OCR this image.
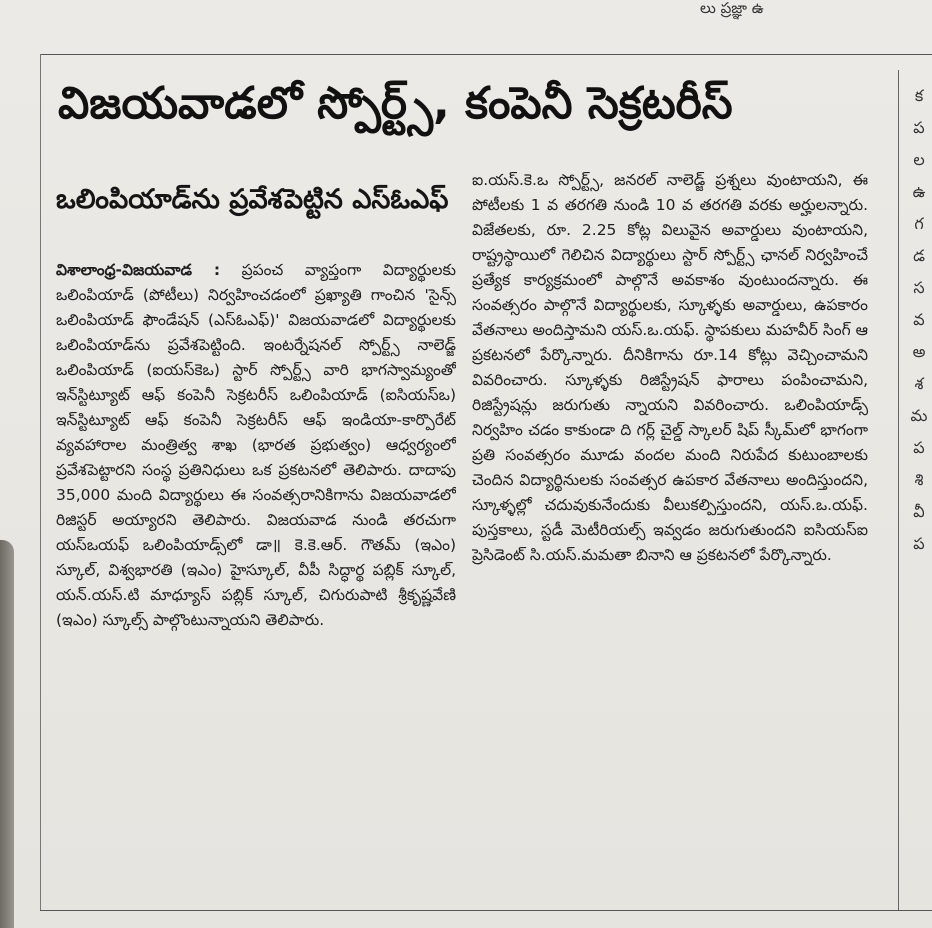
లు ప్రజ్ఞా ఉ
విజయవాడలో స్పోర్ట్స్, కంపెనీ సెక్రటరీస్
ఒలింపియాడ్‌ను ప్రవేశపెట్టిన ఎస్ఓఎఫ్

విశాలాంధ్ర-విజయవాడ : ప్రపంచ వ్యాప్తంగా విద్యార్థులకు ఒలింపియాడ్ (పోటీలు) నిర్వహించడంలో ప్రఖ్యాతి గాంచిన 'సైన్స్ ఒలింపియాడ్ ఫౌండేషన్ (ఎస్ఓఎఫ్)' విజయవాడలో విద్యార్థులకు ఒలింపియాడ్‌ను ప్రవేశపెట్టింది. ఇంటర్నేషనల్ స్పోర్ట్స్ నాలెడ్జ్ ఒలింపియాడ్ (ఐయస్‌కెఒ) స్టార్ స్పోర్ట్స్ వారి భాగస్వామ్యంతో ఇన్‌స్టిట్యూట్ ఆఫ్ కంపెనీ సెక్రటరీస్ ఒలింపియాడ్ (ఐసియస్ఒ) ఇన్‌స్టిట్యూట్ ఆఫ్ కంపెనీ సెక్రటరీస్ ఆఫ్ ఇండియా-కార్పొరేట్ వ్యవహారాల మంత్రిత్వ శాఖ (భారత ప్రభుత్వం) ఆధ్వర్యంలో ప్రవేశపెట్టారని సంస్థ ప్రతినిధులు ఒక ప్రకటనలో తెలిపారు. దాదాపు 35,000 మంది విద్యార్థులు ఈ సంవత్సరానికిగాను విజయవాడలో రిజిస్టర్ అయ్యారని తెలిపారు. విజయవాడ నుండి తరచుగా యస్ఒయఫ్ ఒలింపియాడ్స్‌లో డా॥ కె.కె.ఆర్. గౌతమ్ (ఇఎం) స్కూల్, విశ్వభారతి (ఇఎం) హైస్కూల్, వీపీ సిద్ధార్థ పబ్లిక్ స్కూల్, యన్.యస్.టి మాధ్యూస్ పబ్లిక్ స్కూల్, చిగురుపాటి శ్రీకృష్ణవేణి (ఇఎం) స్కూల్స్ పాల్గొంటున్నాయని తెలిపారు.

ఐ.యస్.కె.ఒ స్పోర్ట్స్, జనరల్ నాలెడ్జ్ ప్రశ్నలు వుంటాయని, ఈ పోటీలకు 1 వ తరగతి నుండి 10 వ తరగతి వరకు అర్హులన్నారు. విజేతలకు, రూ. 2.25 కోట్ల విలువైన అవార్డులు వుంటాయని, రాష్ట్రస్థాయిలో గెలిచిన విద్యార్థులు స్టార్ స్పోర్ట్స్ ఛానల్ నిర్వహించే ప్రత్యేక కార్యక్రమంలో పాల్గొనే అవకాశం వుంటుందన్నారు. ఈ సంవత్సరం పాల్గొనే విద్యార్థులకు, స్కూళ్ళకు అవార్డులు, ఉపకారం వేతనాలు అందిస్తామని యస్.ఒ.యఫ్. స్థాపకులు మహవీర్ సింగ్ ఆ ప్రకటనలో పేర్కొన్నారు. దీనికిగాను రూ.14 కోట్లు వెచ్చించామని వివరించారు. స్కూళ్ళకు రిజిస్ట్రేషన్ ఫారాలు పంపించామని, రిజిస్ట్రేషన్లు జరుగుతు న్నాయని వివరించారు. ఒలింపియాడ్స్ నిర్వహిం చడం కాకుండా ది గర్ల్ చైల్డ్ స్కాలర్ షిప్ స్కీమ్‌లో భాగంగా ప్రతి సంవత్సరం మూడు వందల మంది నిరుపేద కుటుంబాలకు చెందిన విద్యార్థినులకు సంవత్సర ఉపకార వేతనాలు అందిస్తుందని, స్కూళ్ళల్లో చదువుకునేందుకు వీలుకల్పిస్తుందని, యస్.ఒ.యఫ్. పుస్తకాలు, స్టడీ మెటీరియల్స్ ఇవ్వడం జరుగుతుందని ఐసియస్ఐ ప్రెసిడెంట్ సి.యస్.మమతా బినాని ఆ ప్రకటనలో పేర్కొన్నారు.

క
ప
ల
ఉ
గ
డ
స
వ
అ
శ
మ
ప
శి
వీ
ప
